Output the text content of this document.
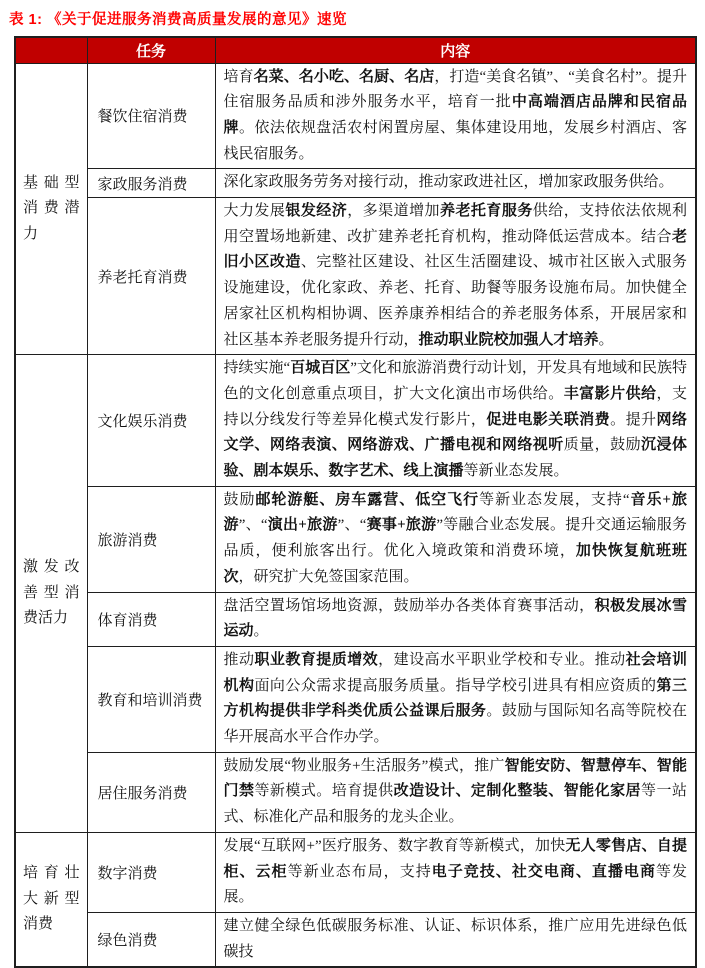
表 1: 《关于促进服务消费高质量发展的意见》速览
	任务	内容
基础型消费潜力	餐饮住宿消费	培育名菜、名小吃、名厨、名店，打造“美食名镇”、“美食名村”。提升住宿服务品质和涉外服务水平，培育一批中高端酒店品牌和民宿品牌。依法依规盘活农村闲置房屋、集体建设用地，发展乡村酒店、客栈民宿服务。
	家政服务消费	深化家政服务劳务对接行动，推动家政进社区，增加家政服务供给。
	养老托育消费	大力发展银发经济，多渠道增加养老托育服务供给，支持依法依规利用空置场地新建、改扩建养老托育机构，推动降低运营成本。结合老旧小区改造、完整社区建设、社区生活圈建设、城市社区嵌入式服务设施建设，优化家政、养老、托育、助餐等服务设施布局。加快健全居家社区机构相协调、医养康养相结合的养老服务体系，开展居家和社区基本养老服务提升行动，推动职业院校加强人才培养。
激发改善型消费活力	文化娱乐消费	持续实施“百城百区”文化和旅游消费行动计划，开发具有地域和民族特色的文化创意重点项目，扩大文化演出市场供给。丰富影片供给，支持以分线发行等差异化模式发行影片，促进电影关联消费。提升网络文学、网络表演、网络游戏、广播电视和网络视听质量，鼓励沉浸体验、剧本娱乐、数字艺术、线上演播等新业态发展。
	旅游消费	鼓励邮轮游艇、房车露营、低空飞行等新业态发展，支持“音乐+旅游”、“演出+旅游”、“赛事+旅游”等融合业态发展。提升交通运输服务品质，便利旅客出行。优化入境政策和消费环境，加快恢复航班班次，研究扩大免签国家范围。
	体育消费	盘活空置场馆场地资源，鼓励举办各类体育赛事活动，积极发展冰雪运动。
	教育和培训消费	推动职业教育提质增效，建设高水平职业学校和专业。推动社会培训机构面向公众需求提高服务质量。指导学校引进具有相应资质的第三方机构提供非学科类优质公益课后服务。鼓励与国际知名高等院校在华开展高水平合作办学。
	居住服务消费	鼓励发展“物业服务+生活服务”模式，推广智能安防、智慧停车、智能门禁等新模式。培育提供改造设计、定制化整装、智能化家居等一站式、标准化产品和服务的龙头企业。
培育壮大新型消费	数字消费	发展“互联网+”医疗服务、数字教育等新模式，加快无人零售店、自提柜、云柜等新业态布局，支持电子竞技、社交电商、直播电商等发展。
	绿色消费	建立健全绿色低碳服务标准、认证、标识体系，推广应用先进绿色低碳技
